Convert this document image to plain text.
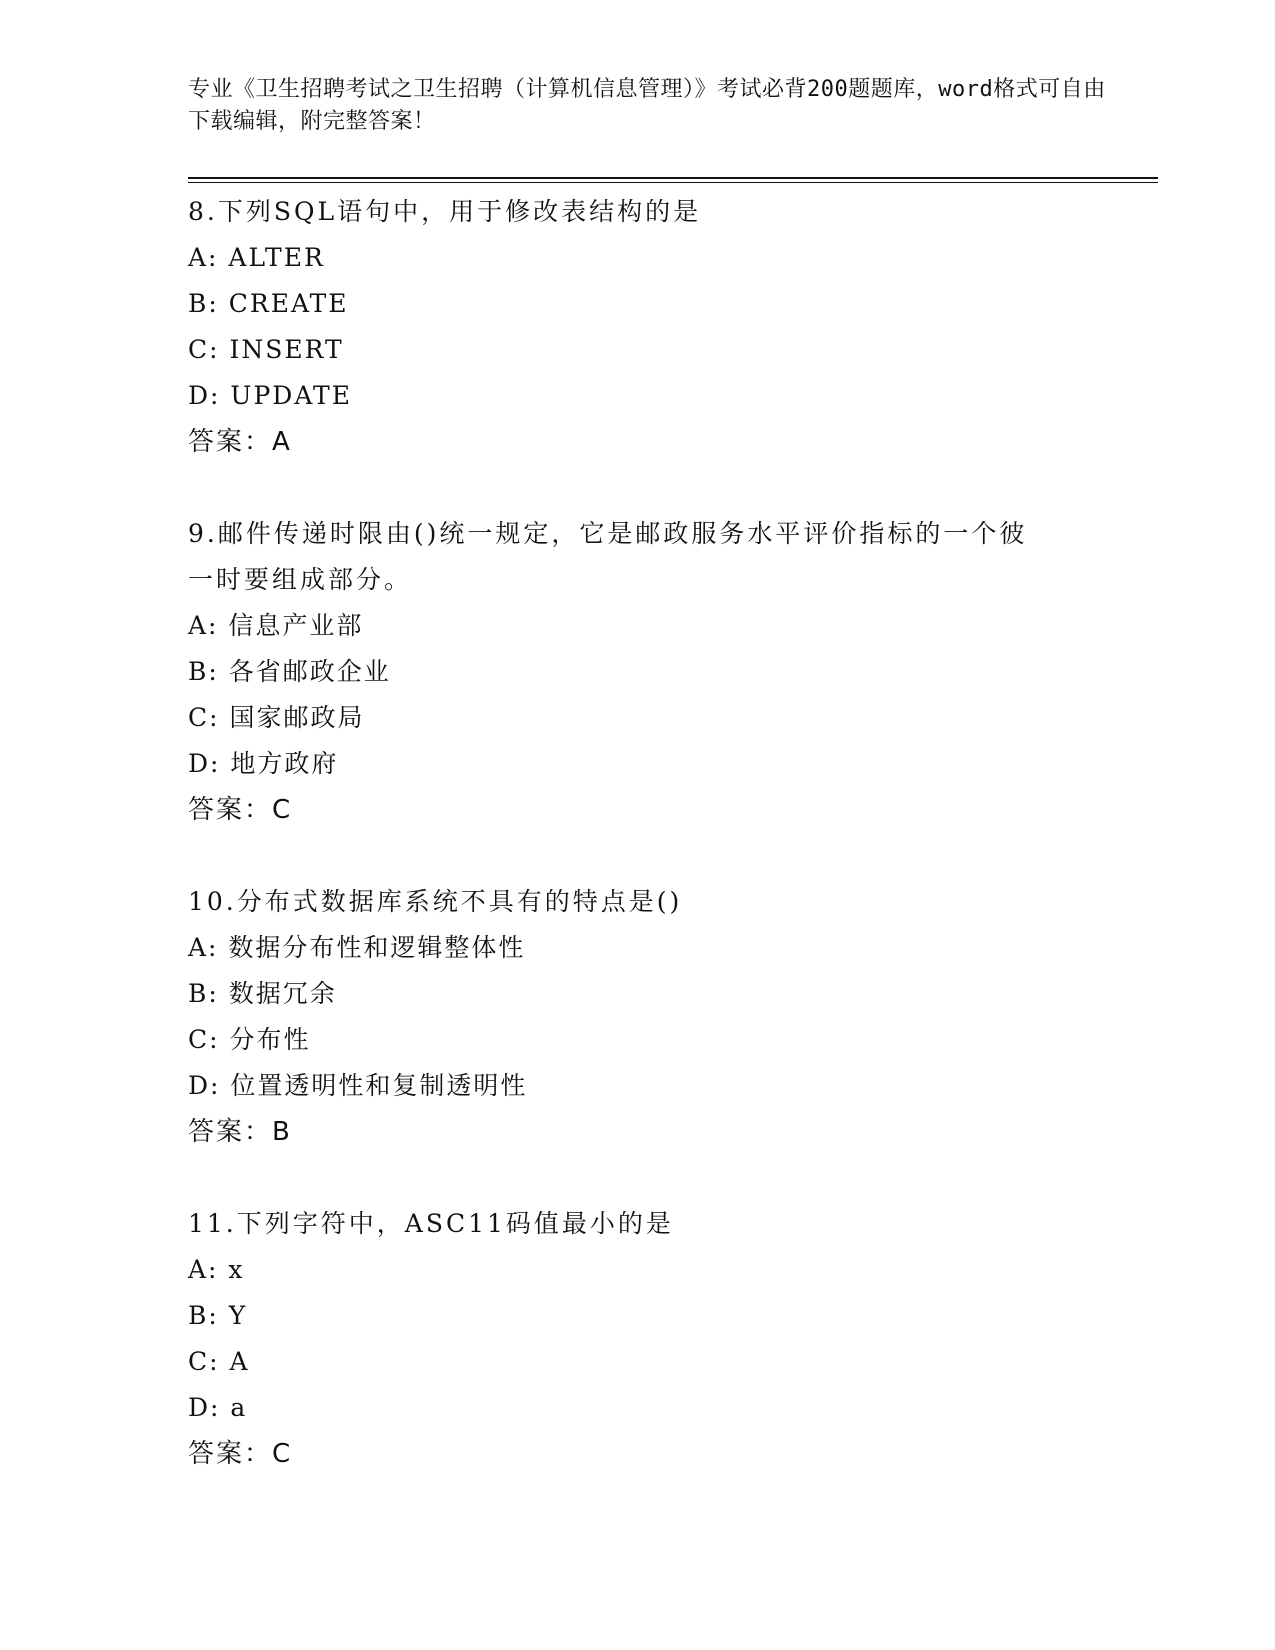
专业《卫生招聘考试之卫生招聘（计算机信息管理）》考试必背200题题库，word格式可自由下载编辑，附完整答案！

8.下列SQL语句中，用于修改表结构的是

A: ALTER

B: CREATE

C: INSERT

D: UPDATE

答案：A

9.邮件传递时限由()统一规定，它是邮政服务水平评价指标的一个彼

一时要组成部分。

A: 信息产业部

B: 各省邮政企业

C: 国家邮政局

D: 地方政府

答案：C

10.分布式数据库系统不具有的特点是()

A: 数据分布性和逻辑整体性

B: 数据冗余

C: 分布性

D: 位置透明性和复制透明性

答案：B

11.下列字符中，ASC11码值最小的是

A: x

B: Y

C: A

D: a

答案：C
